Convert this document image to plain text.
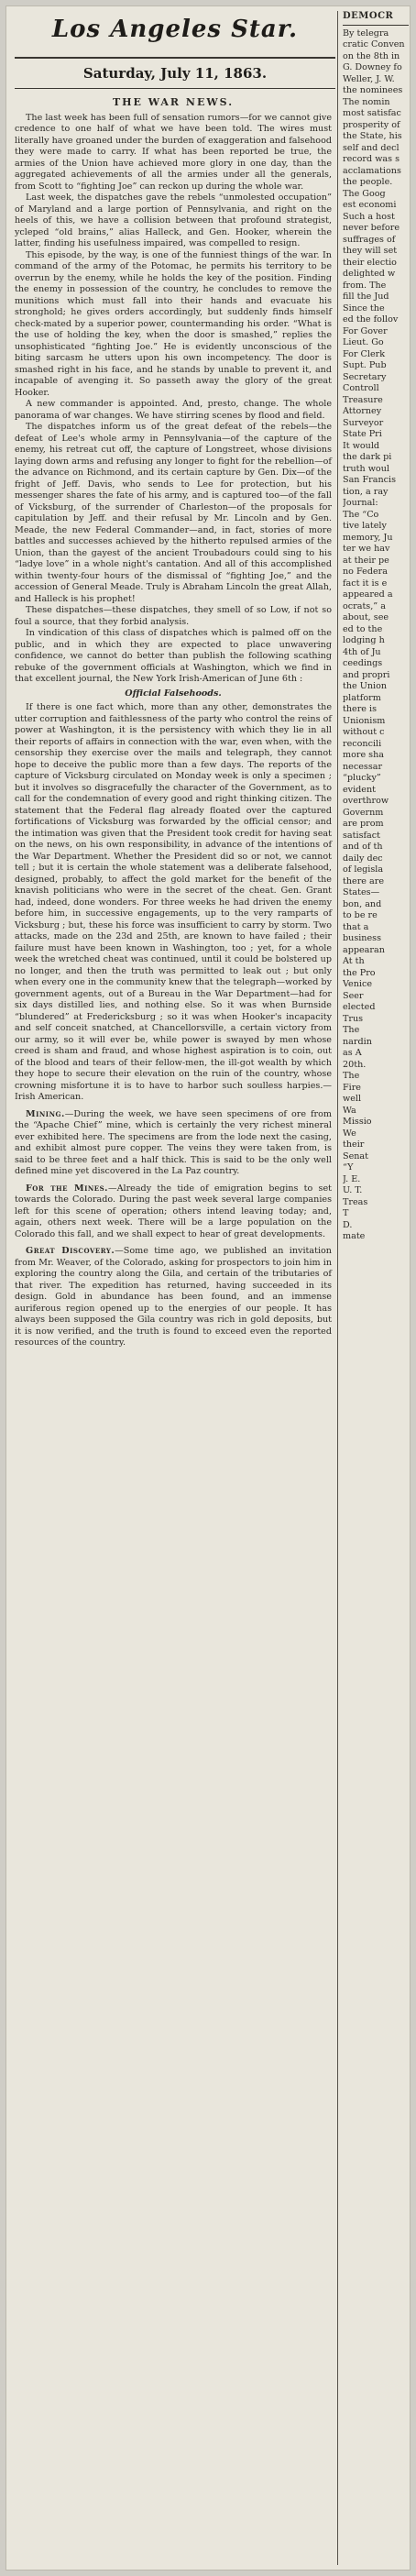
Los Angeles Star.
Saturday, July 11, 1863.

THE WAR NEWS.

The last week has been full of sensation rumors—for we cannot give credence to one half of what we have been told. The wires must literally have groaned under the burden of exaggeration and falsehood they were made to carry. If what has been reported be true, the armies of the Union have achieved more glory in one day, than the aggregated achievements of all the armies under all the generals, from Scott to “fighting Joe” can reckon up during the whole war.

Last week, the dispatches gave the rebels “unmolested occupation” of Maryland and a large portion of Pennsylvania, and right on the heels of this, we have a collision between that profound strategist, ycleped “old brains,” alias Halleck, and Gen. Hooker, wherein the latter, finding his usefulness impaired, was compelled to resign.

This episode, by the way, is one of the funniest things of the war. In command of the army of the Potomac, he permits his territory to be overrun by the enemy, while he holds the key of the position. Finding the enemy in possession of the country, he concludes to remove the munitions which must fall into their hands and evacuate his stronghold; he gives orders accordingly, but suddenly finds himself check-mated by a superior power, countermanding his order. “What is the use of holding the key, when the door is smashed,” replies the unsophisticated “fighting Joe.” He is evidently unconscious of the biting sarcasm he utters upon his own incompetency. The door is smashed right in his face, and he stands by unable to prevent it, and incapable of avenging it. So passeth away the glory of the great Hooker.

A new commander is appointed. And, presto, change. The whole panorama of war changes. We have stirring scenes by flood and field.

The dispatches inform us of the great defeat of the rebels—the defeat of Lee's whole army in Pennsylvania—of the capture of the enemy, his retreat cut off, the capture of Longstreet, whose divisions laying down arms and refusing any longer to fight for the rebellion—of the advance on Richmond, and its certain capture by Gen. Dix—of the fright of Jeff. Davis, who sends to Lee for protection, but his messenger shares the fate of his army, and is captured too—of the fall of Vicksburg, of the surrender of Charleston—of the proposals for capitulation by Jeff. and their refusal by Mr. Lincoln and by Gen. Meade, the new Federal Commander—and, in fact, stories of more battles and successes achieved by the hitherto repulsed armies of the Union, than the gayest of the ancient Troubadours could sing to his “ladye love” in a whole night's cantation. And all of this accomplished within twenty-four hours of the dismissal of “fighting Joe,” and the accession of General Meade. Truly is Abraham Lincoln the great Allah, and Halleck is his prophet!

These dispatches—these dispatches, they smell of so Low, if not so foul a source, that they forbid analysis.

In vindication of this class of dispatches which is palmed off on the public, and in which they are expected to place unwavering confidence, we cannot do better than publish the following scathing rebuke of the government officials at Washington, which we find in that excellent journal, the New York Irish-American of June 6th :

Official Falsehoods.

If there is one fact which, more than any other, demonstrates the utter corruption and faithlessness of the party who control the reins of power at Washington, it is the persistency with which they lie in all their reports of affairs in connection with the war, even when, with the censorship they exercise over the mails and telegraph, they cannot hope to deceive the public more than a few days. The reports of the capture of Vicksburg circulated on Monday week is only a specimen ; but it involves so disgracefully the character of the Government, as to call for the condemnation of every good and right thinking citizen. The statement that the Federal flag already floated over the captured fortifications of Vicksburg was forwarded by the official censor; and the intimation was given that the President took credit for having seat on the news, on his own responsibility, in advance of the intentions of the War Department. Whether the President did so or not, we cannot tell ; but it is certain the whole statement was a deliberate falsehood, designed, probably, to affect the gold market for the benefit of the knavish politicians who were in the secret of the cheat. Gen. Grant had, indeed, done wonders. For three weeks he had driven the enemy before him, in successive engagements, up to the very ramparts of Vicksburg ; but, these his force was insufficient to carry by storm. Two attacks, made on the 23d and 25th, are known to have failed ; their failure must have been known in Washington, too ; yet, for a whole week the wretched cheat was continued, until it could be bolstered up no longer, and then the truth was permitted to leak out ; but only when every one in the community knew that the telegraph—worked by government agents, out of a Bureau in the War Department—had for six days distilled lies, and nothing else. So it was when Burnside “blundered” at Fredericksburg ; so it was when Hooker's incapacity and self conceit snatched, at Chancellorsville, a certain victory from our army, so it will ever be, while power is swayed by men whose creed is sham and fraud, and whose highest aspiration is to coin, out of the blood and tears of their fellow-men, the ill-got wealth by which they hope to secure their elevation on the ruin of the country, whose crowning misfortune it is to have to harbor such soulless harpies.—Irish American.

Mining.—During the week, we have seen specimens of ore from the “Apache Chief” mine, which is certainly the very richest mineral ever exhibited here. The specimens are from the lode next the casing, and exhibit almost pure copper. The veins they were taken from, is said to be three feet and a half thick. This is said to be the only well defined mine yet discovered in the La Paz country.

For the Mines.—Already the tide of emigration begins to set towards the Colorado. During the past week several large companies left for this scene of operation; others intend leaving today; and, again, others next week. There will be a large population on the Colorado this fall, and we shall expect to hear of great developments.

Great Discovery.—Some time ago, we published an invitation from Mr. Weaver, of the Colorado, asking for prospectors to join him in exploring the country along the Gila, and certain of the tributaries of that river. The expedition has returned, having succeeded in its design. Gold in abundance has been found, and an immense auriferous region opened up to the energies of our people. It has always been supposed the Gila country was rich in gold deposits, but it is now verified, and the truth is found to exceed even the reported resources of the country.

DEMOCR
By telegra
cratic Conven
on the 8th in
G. Downey fo
Weller, J. W.
the nominees
The nomin
most satisfac
prosperity of
the State, his
self and decl
record was s
acclamations
the people.
The Goog
est economi
Such a host
never before
suffrages of
they will set
their electio
delighted w
from. The
fill the Jud
Since the
ed the follov
For Gover
Lieut. Go
For Clerk
Supt. Pub
Secretary
Controll
Treasure
Attorney
Surveyor
State Pri
It would
the dark pi
truth woul
San Francis
tion, a ray
Journal:
The “Co
tive lately
memory, Ju
ter we hav
at their pe
no Federa
fact it is e
appeared a
ocrats,” a
about, see
ed to the
lodging h
4th of Ju
ceedings
and propri
the Union
platform
there is
Unionism
without c
reconcili
more sha
necessar
“plucky”
evident
overthrow
Governm
are prom
satisfact
and of th
daily dec
of legisla
there are
States—
bon, and
to be re
that a
business
appearan
At th
the Pro
Venice
Seer
elected
Trus
The
nardin
as A
20th.
The
Fire
well
Wa
Missio
We
their
Senat
“Y
J. E.
U. T.
Treas
T
D.
mate
